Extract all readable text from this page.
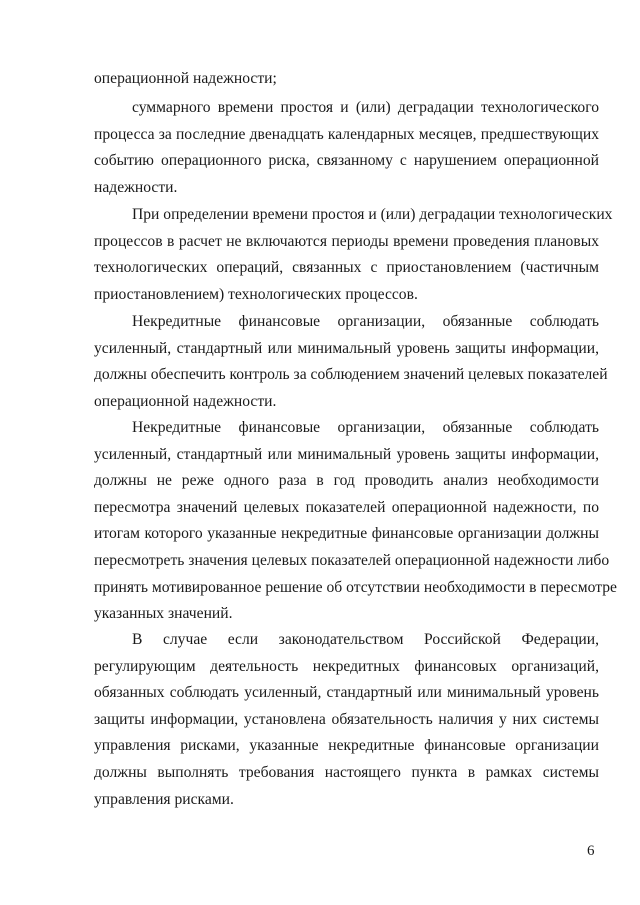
операционной надежности;
суммарного времени простоя и (или) деградации технологического
процесса за последние двенадцать календарных месяцев, предшествующих
событию операционного риска, связанному с нарушением операционной
надежности.
При определении времени простоя и (или) деградации технологических
процессов в расчет не включаются периоды времени проведения плановых
технологических операций, связанных с приостановлением (частичным
приостановлением) технологических процессов.
Некредитные финансовые организации, обязанные соблюдать
усиленный, стандартный или минимальный уровень защиты информации,
должны обеспечить контроль за соблюдением значений целевых показателей
операционной надежности.
Некредитные финансовые организации, обязанные соблюдать
усиленный, стандартный или минимальный уровень защиты информации,
должны не реже одного раза в год проводить анализ необходимости
пересмотра значений целевых показателей операционной надежности, по
итогам которого указанные некредитные финансовые организации должны
пересмотреть значения целевых показателей операционной надежности либо
принять мотивированное решение об отсутствии необходимости в пересмотре
указанных значений.
В случае если законодательством Российской Федерации,
регулирующим деятельность некредитных финансовых организаций,
обязанных соблюдать усиленный, стандартный или минимальный уровень
защиты информации, установлена обязательность наличия у них системы
управления рисками, указанные некредитные финансовые организации
должны выполнять требования настоящего пункта в рамках системы
управления рисками.
6
